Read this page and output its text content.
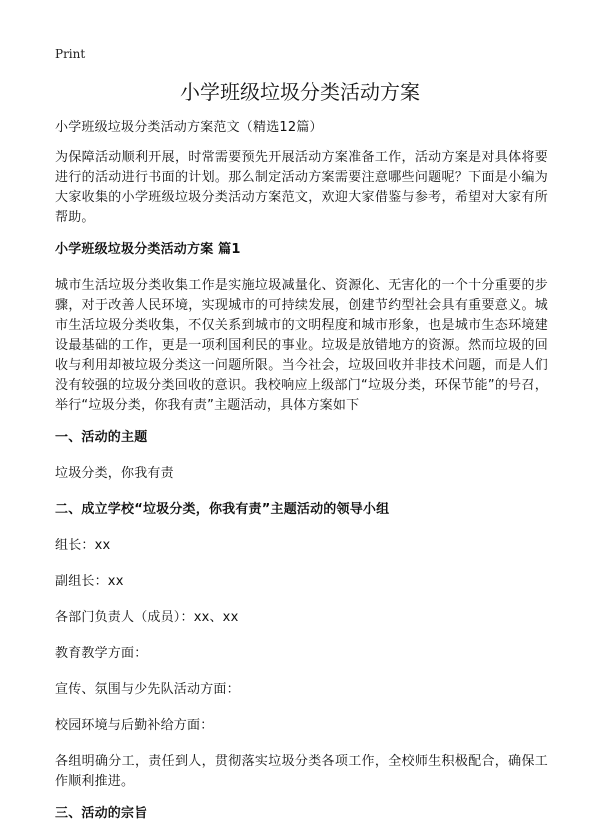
Print
小学班级垃圾分类活动方案
小学班级垃圾分类活动方案范文（精选12篇）
为保障活动顺利开展，时常需要预先开展活动方案准备工作，活动方案是对具体将要进行的活动进行书面的计划。那么制定活动方案需要注意哪些问题呢？下面是小编为大家收集的小学班级垃圾分类活动方案范文，欢迎大家借鉴与参考，希望对大家有所帮助。
小学班级垃圾分类活动方案 篇1
城市生活垃圾分类收集工作是实施垃圾减量化、资源化、无害化的一个十分重要的步骤，对于改善人民环境，实现城市的可持续发展，创建节约型社会具有重要意义。城市生活垃圾分类收集，不仅关系到城市的文明程度和城市形象，也是城市生态环境建设最基础的工作，更是一项利国利民的事业。垃圾是放错地方的资源。然而垃圾的回收与利用却被垃圾分类这一问题所限。当今社会，垃圾回收并非技术问题，而是人们没有较强的垃圾分类回收的意识。我校响应上级部门“垃圾分类，环保节能”的号召，举行“垃圾分类，你我有责”主题活动，具体方案如下
一、活动的主题
垃圾分类，你我有责
二、成立学校“垃圾分类，你我有责”主题活动的领导小组
组长：xx
副组长：xx
各部门负责人（成员）：xx、xx
教育教学方面：
宣传、氛围与少先队活动方面：
校园环境与后勤补给方面：
各组明确分工，责任到人，贯彻落实垃圾分类各项工作，全校师生积极配合，确保工作顺利推进。
三、活动的宗旨
